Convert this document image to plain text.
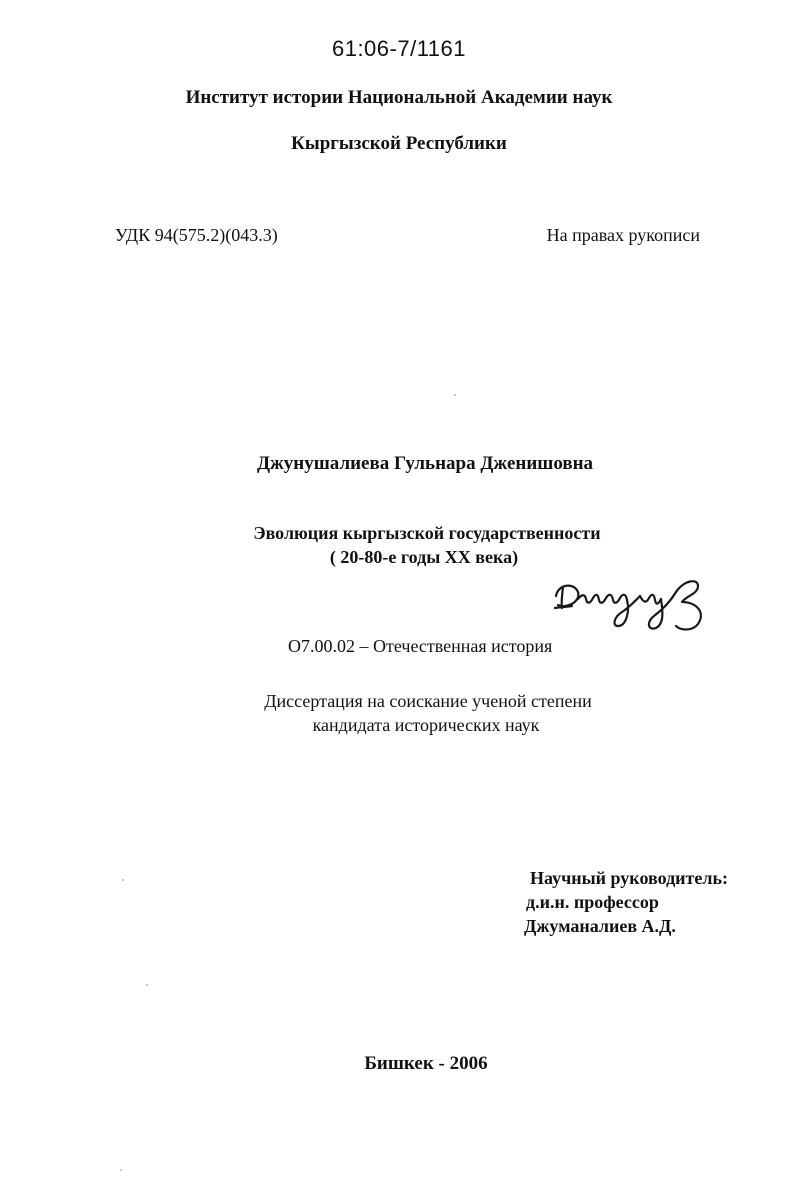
61:06-7/1161
Институт истории Национальной Академии наук
Кыргызской Республики
УДК 94(575.2)(043.3)	На правах рукописи
Джунушалиева Гульнара Дженишовна
Эволюция кыргызской государственности
( 20-80-е годы ХХ века)
О7.00.02 – Отечественная история
Диссертация на соискание ученой степени
кандидата исторических наук
Научный руководитель:
д.и.н. профессор
Джуманалиев А.Д.
Бишкек - 2006
